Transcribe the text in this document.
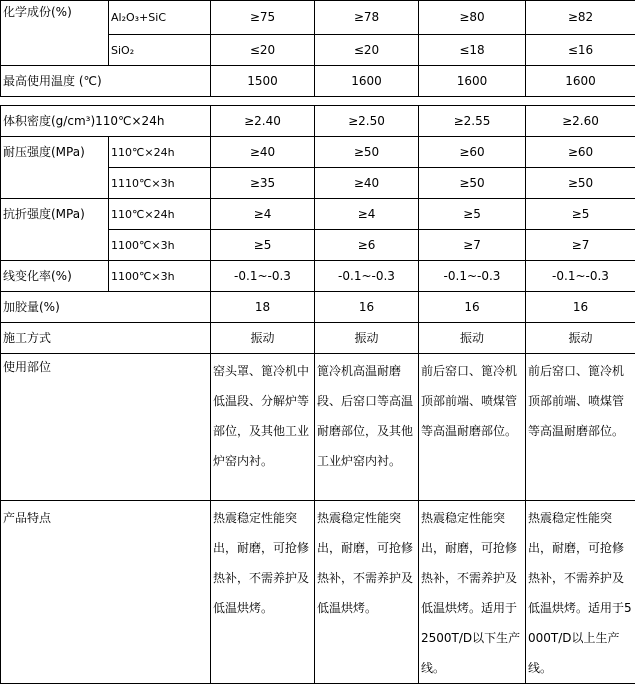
化学成份(%)	Al₂O₃+SiC	≥75	≥78	≥80	≥82
	SiO₂	≤20	≤20	≤18	≤16
最高使用温度 (℃)		1500	1600	1600	1600

体积密度(g/cm³)110℃×24h		≥2.40	≥2.50	≥2.55	≥2.60
耐压强度(MPa)	110℃×24h	≥40	≥50	≥60	≥60
	1110℃×3h	≥35	≥40	≥50	≥50
抗折强度(MPa)	110℃×24h	≥4	≥4	≥5	≥5
	1100℃×3h	≥5	≥6	≥7	≥7
线变化率(%)	1100℃×3h	-0.1~-0.3	-0.1~-0.3	-0.1~-0.3	-0.1~-0.3
加胶量(%)		18	16	16	16
施工方式		振动	振动	振动	振动
使用部位		窑头罩、篦冷机中低温段、分解炉等部位，及其他工业炉窑内衬。	篦冷机高温耐磨段、后窑口等高温耐磨部位，及其他工业炉窑内衬。	前后窑口、篦冷机顶部前端、喷煤管等高温耐磨部位。	前后窑口、篦冷机顶部前端、喷煤管等高温耐磨部位。
产品特点		热震稳定性能突出，耐磨，可抢修热补，不需养护及低温烘烤。	热震稳定性能突出，耐磨，可抢修热补，不需养护及低温烘烤。	热震稳定性能突出，耐磨，可抢修热补，不需养护及低温烘烤。适用于2500T/D以下生产线。	热震稳定性能突出，耐磨，可抢修热补，不需养护及低温烘烤。适用于5000T/D以上生产线。
